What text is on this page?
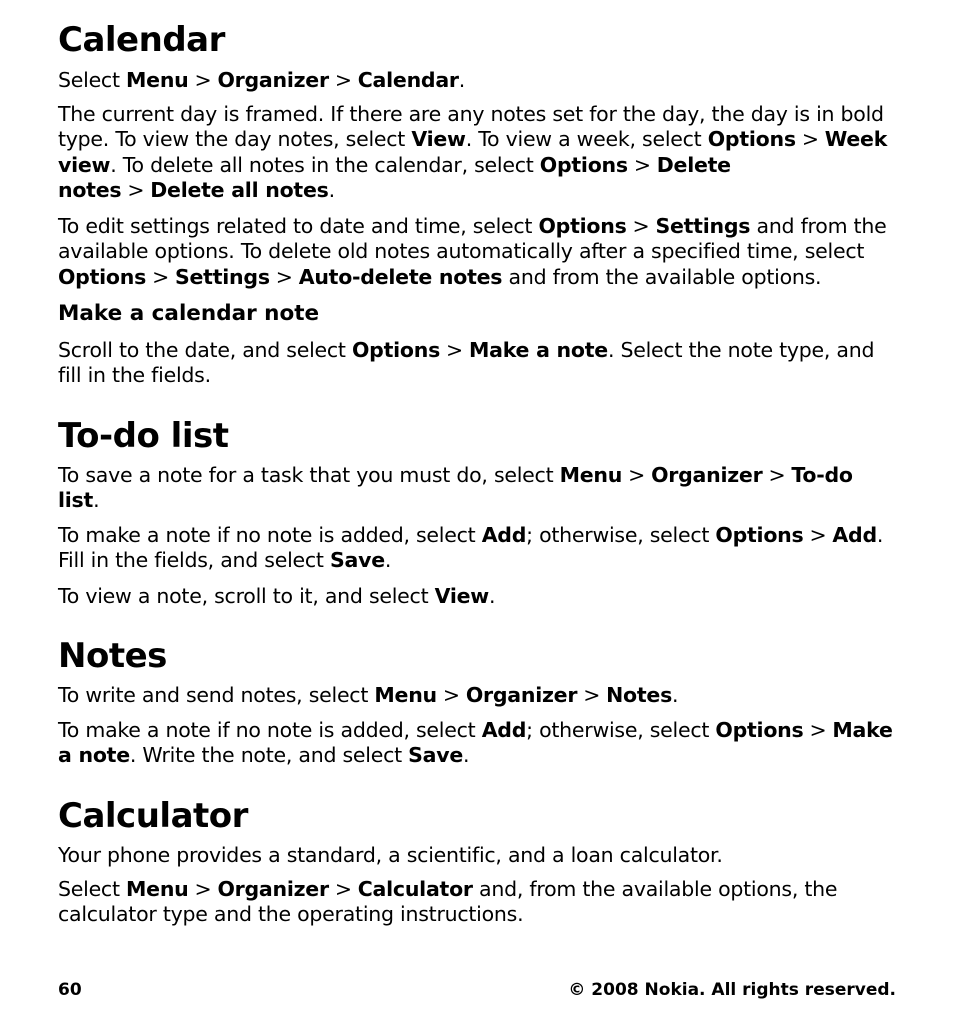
Calendar

Select Menu > Organizer > Calendar.

The current day is framed. If there are any notes set for the day, the day is in bold type. To view the day notes, select View. To view a week, select Options > Week view. To delete all notes in the calendar, select Options > Delete notes > Delete all notes.

To edit settings related to date and time, select Options > Settings and from the available options. To delete old notes automatically after a specified time, select Options > Settings > Auto-delete notes and from the available options.

Make a calendar note

Scroll to the date, and select Options > Make a note. Select the note type, and fill in the fields.

To-do list

To save a note for a task that you must do, select Menu > Organizer > To-do list.

To make a note if no note is added, select Add; otherwise, select Options > Add. Fill in the fields, and select Save.

To view a note, scroll to it, and select View.

Notes

To write and send notes, select Menu > Organizer > Notes.

To make a note if no note is added, select Add; otherwise, select Options > Make a note. Write the note, and select Save.

Calculator

Your phone provides a standard, a scientific, and a loan calculator.

Select Menu > Organizer > Calculator and, from the available options, the calculator type and the operating instructions.

60	© 2008 Nokia. All rights reserved.
